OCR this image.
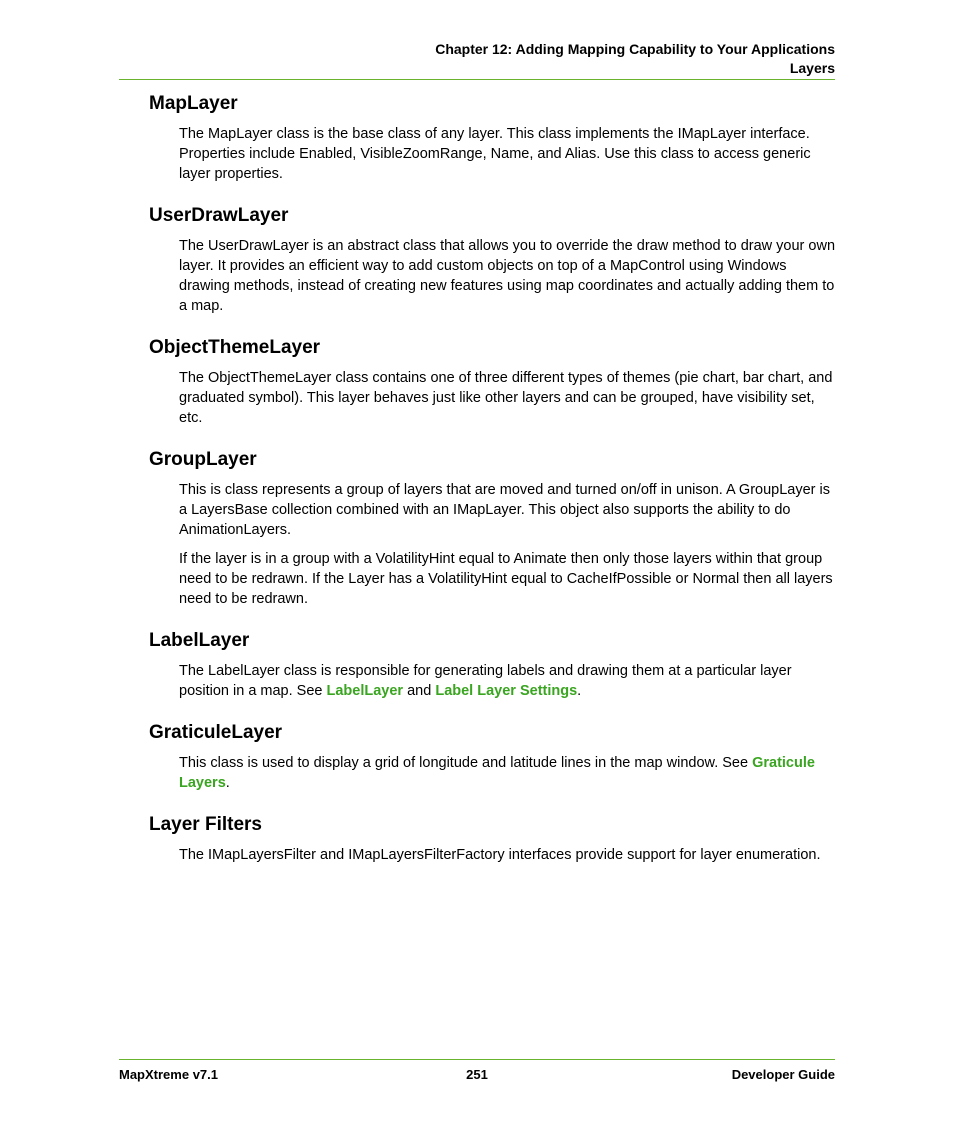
Chapter 12: Adding Mapping Capability to Your Applications
Layers
MapLayer

The MapLayer class is the base class of any layer. This class implements the IMapLayer interface. Properties include Enabled, VisibleZoomRange, Name, and Alias. Use this class to access generic layer properties.

UserDrawLayer

The UserDrawLayer is an abstract class that allows you to override the draw method to draw your own layer. It provides an efficient way to add custom objects on top of a MapControl using Windows drawing methods, instead of creating new features using map coordinates and actually adding them to a map.

ObjectThemeLayer

The ObjectThemeLayer class contains one of three different types of themes (pie chart, bar chart, and graduated symbol). This layer behaves just like other layers and can be grouped, have visibility set, etc.

GroupLayer

This is class represents a group of layers that are moved and turned on/off in unison. A GroupLayer is a LayersBase collection combined with an IMapLayer. This object also supports the ability to do AnimationLayers.

If the layer is in a group with a VolatilityHint equal to Animate then only those layers within that group need to be redrawn. If the Layer has a VolatilityHint equal to CacheIfPossible or Normal then all layers need to be redrawn.

LabelLayer

The LabelLayer class is responsible for generating labels and drawing them at a particular layer position in a map. See LabelLayer and Label Layer Settings.

GraticuleLayer

This class is used to display a grid of longitude and latitude lines in the map window. See Graticule Layers.

Layer Filters

The IMapLayersFilter and IMapLayersFilterFactory interfaces provide support for layer enumeration.

MapXtreme v7.1	251	Developer Guide
